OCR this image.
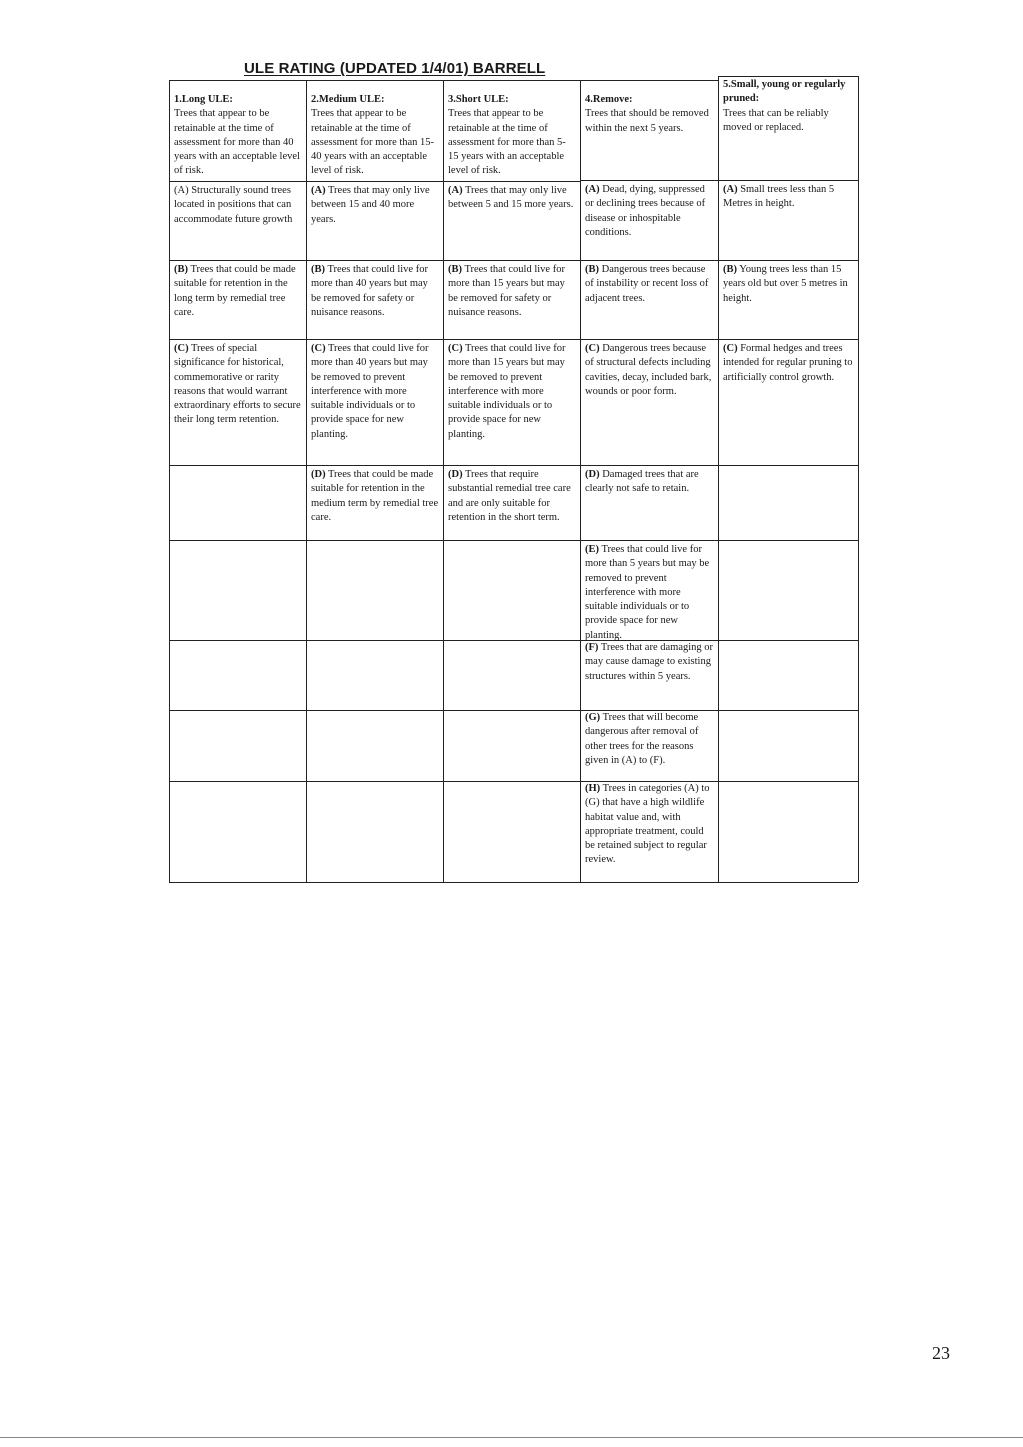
ULE RATING (UPDATED 1/4/01) BARRELL
1.Long ULE:
Trees that appear to be retainable at the time of assessment for more than 40 years with an acceptable level of risk.
(A) Structurally sound trees located in positions that can accommodate future growth
(B) Trees that could be made suitable for retention in the long term by remedial tree care.
(C) Trees of special significance for historical, commemorative or rarity reasons that would warrant extraordinary efforts to secure their long term retention.
2.Medium ULE:
Trees that appear to be retainable at the time of assessment for more than 15-40 years with an acceptable level of risk.
(A) Trees that may only live between 15 and 40 more years.
(B) Trees that could live for more than 40 years but may be removed for safety or nuisance reasons.
(C) Trees that could live for more than 40 years but may be removed to prevent interference with more suitable individuals or to provide space for new planting.
(D) Trees that could be made suitable for retention in the medium term by remedial tree care.
3.Short ULE:
Trees that appear to be retainable at the time of assessment for more than 5-15 years with an acceptable level of risk.
(A) Trees that may only live between 5 and 15 more years.
(B) Trees that could live for more than 15 years but may be removed for safety or nuisance reasons.
(C) Trees that could live for more than 15 years but may be removed to prevent interference with more suitable individuals or to provide space for new planting.
(D) Trees that require substantial remedial tree care and are only suitable for retention in the short term.
4.Remove:
Trees that should be removed within the next 5 years.
(A) Dead, dying, suppressed or declining trees because of disease or inhospitable conditions.
(B) Dangerous trees because of instability or recent loss of adjacent trees.
(C) Dangerous trees because of structural defects including cavities, decay, included bark, wounds or poor form.
(D) Damaged trees that are clearly not safe to retain.
(E) Trees that could live for more than 5 years but may be removed to prevent interference with more suitable individuals or to provide space for new planting.
(F) Trees that are damaging or may cause damage to existing structures within 5 years.
(G) Trees that will become dangerous after removal of other trees for the reasons given in (A) to (F).
(H) Trees in categories (A) to (G) that have a high wildlife habitat value and, with appropriate treatment, could be retained subject to regular review.
5.Small, young or regularly pruned:
Trees that can be reliably moved or replaced.
(A) Small trees less than 5 Metres in height.
(B) Young trees less than 15 years old but over 5 metres in height.
(C) Formal hedges and trees intended for regular pruning to artificially control growth.
23
